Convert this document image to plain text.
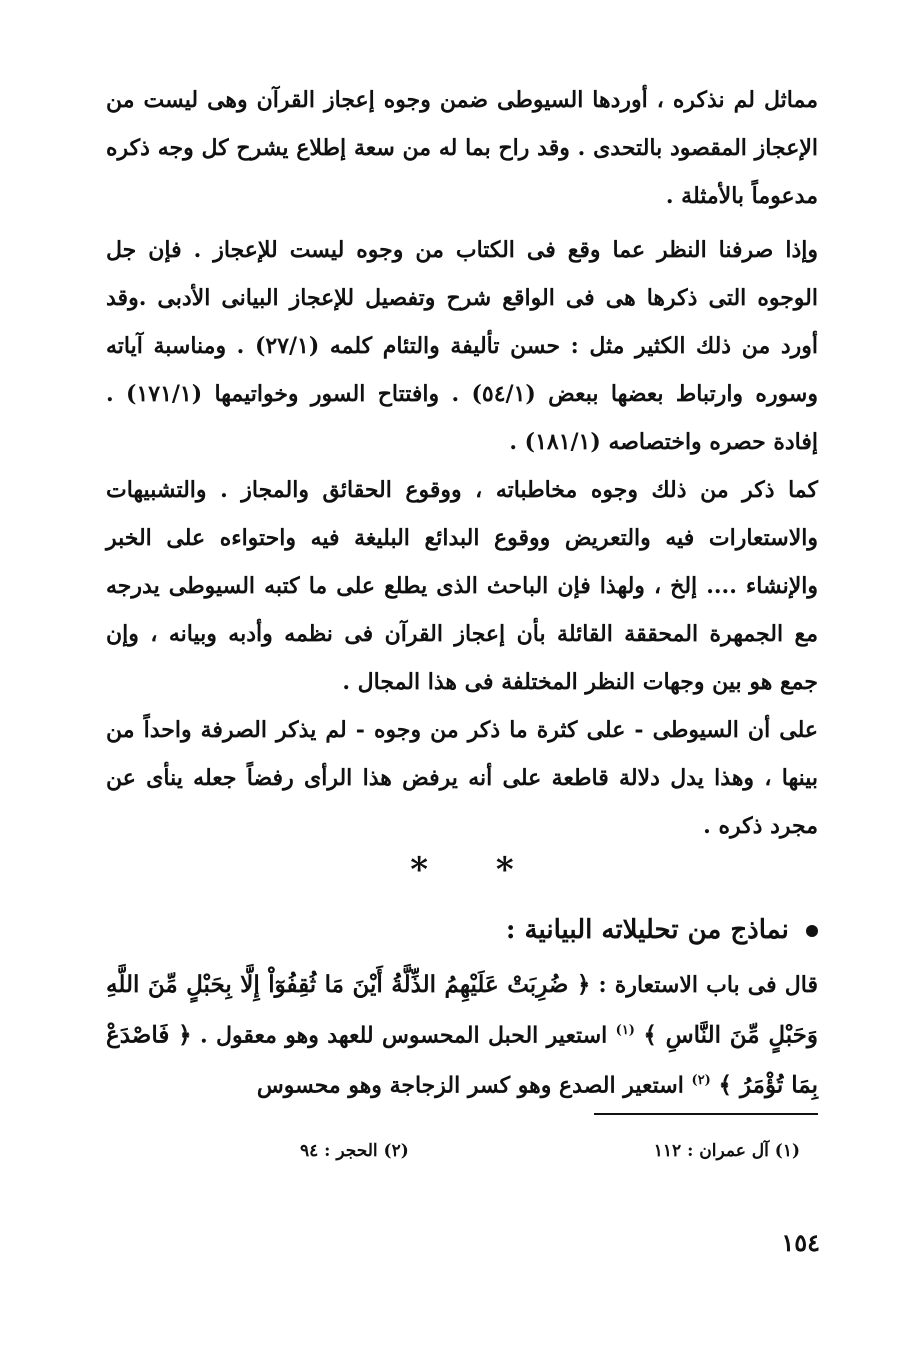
مماثل لم نذكره ، أوردها السيوطى ضمن وجوه إعجاز القرآن وهى ليست من الإعجاز المقصود بالتحدى . وقد راح بما له من سعة إطلاع يشرح كل وجه ذكره مدعوماً بالأمثلة .
وإذا صرفنا النظر عما وقع فى الكتاب من وجوه ليست للإعجاز . فإن جل الوجوه التى ذكرها هى فى الواقع شرح وتفصيل للإعجاز البيانى الأدبى .وقد أورد من ذلك الكثير مثل : حسن تأليفة والتئام كلمه (٢٧/١) . ومناسبة آياته وسوره وارتباط بعضها ببعض (٥٤/١) . وافتتاح السور وخواتيمها (١٧١/١) . إفادة حصره واختصاصه (١٨١/١) .
كما ذكر من ذلك وجوه مخاطباته ، ووقوع الحقائق والمجاز . والتشبيهات والاستعارات فيه والتعريض ووقوع البدائع البليغة فيه واحتواءه على الخبر والإنشاء .... إلخ ، ولهذا فإن الباحث الذى يطلع على ما كتبه السيوطى يدرجه مع الجمهرة المحققة القائلة بأن إعجاز القرآن فى نظمه وأدبه وبيانه ، وإن جمع هو بين وجهات النظر المختلفة فى هذا المجال .
على أن السيوطى - على كثرة ما ذكر من وجوه - لم يذكر الصرفة واحداً من بينها ، وهذا يدل دلالة قاطعة على أنه يرفض هذا الرأى رفضاً جعله ينأى عن مجرد ذكره .
* *
نماذج من تحليلاته البيانية :
قال فى باب الاستعارة : ﴿ ضُرِبَتْ عَلَيْهِمُ الذِّلَّةُ أَيْنَ مَا ثُقِفُوٓاْ إِلَّا بِحَبْلٍ مِّنَ اللَّهِ وَحَبْلٍ مِّنَ النَّاسِ ﴾ $^{(١)}$ استعير الحبل المحسوس للعهد وهو معقول . ﴿ فَاصْدَعْ بِمَا تُؤْمَرُ ﴾ $^{(٢)}$ استعير الصدع وهو كسر الزجاجة وهو محسوس
(١) آل عمران : ١١٢
(٢) الحجر : ٩٤
١٥٤
